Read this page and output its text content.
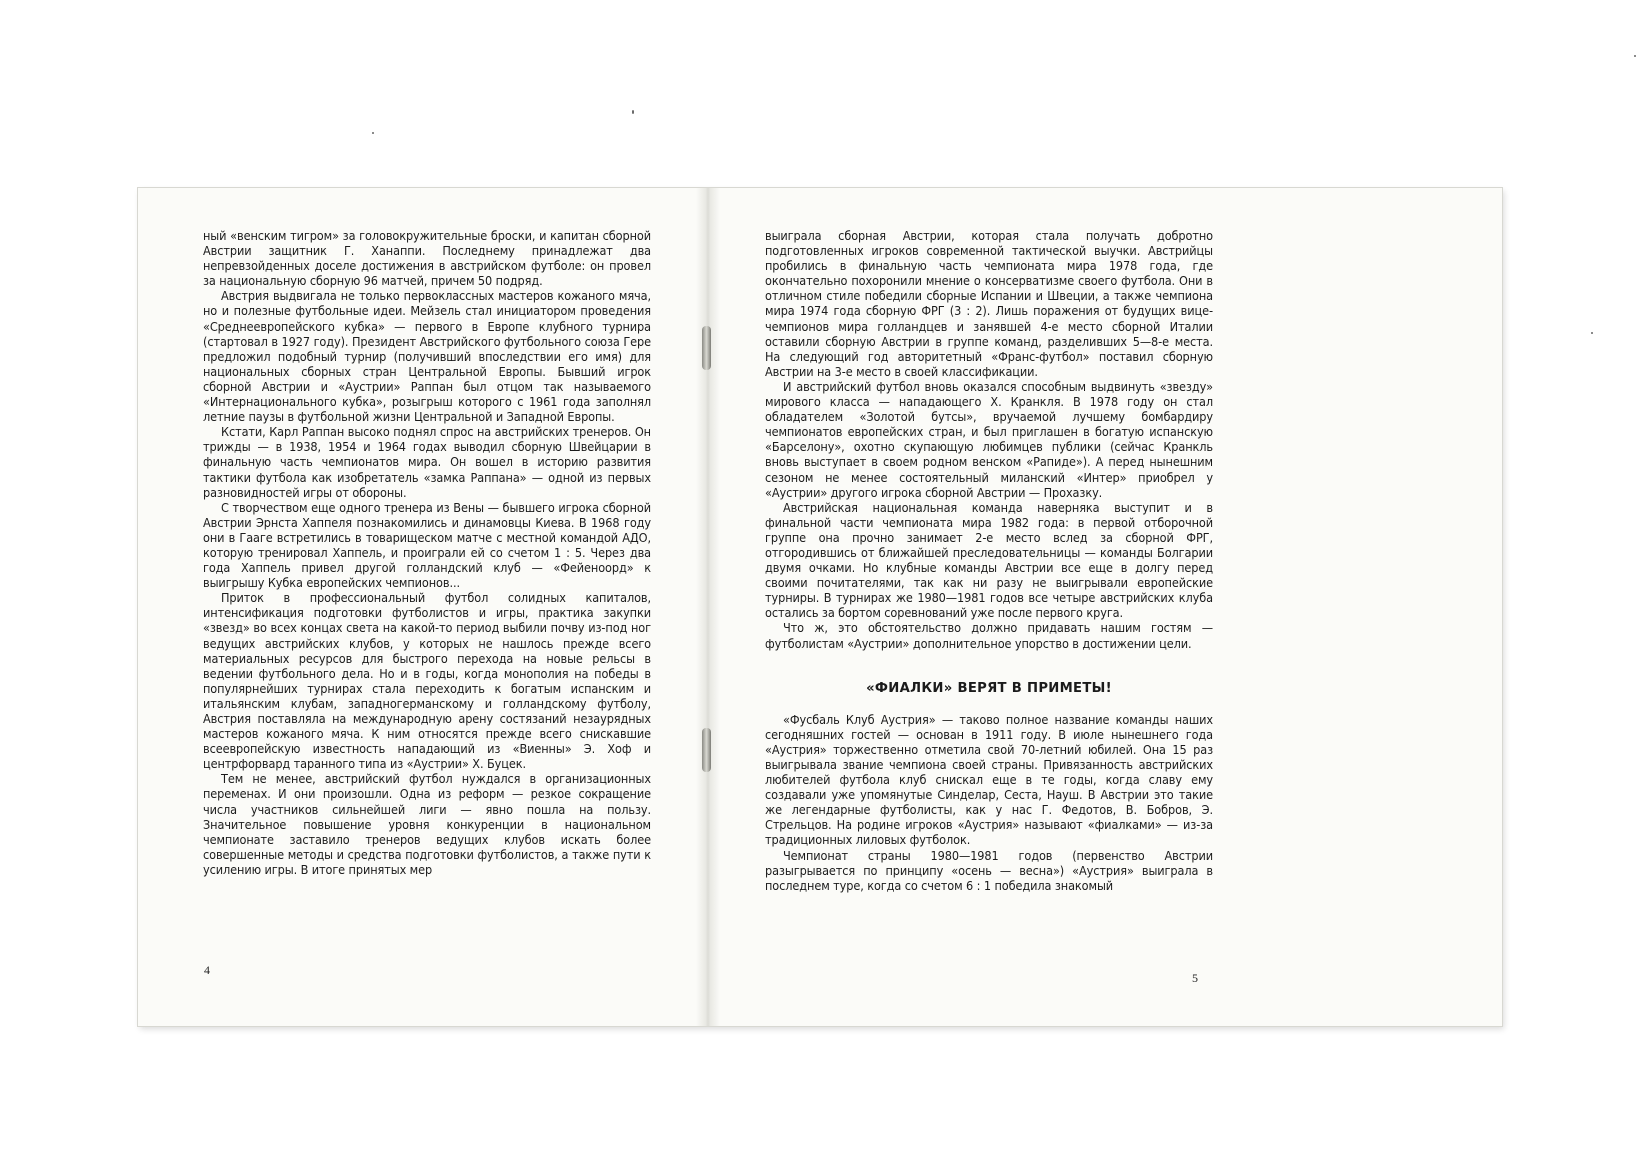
ный «венским тигром» за головокружительные броски, и капитан сборной Австрии защитник Г. Ханаппи. Последнему принадлежат два непревзойденных доселе достижения в австрийском футболе: он провел за национальную сборную 96 матчей, причем 50 подряд.

Австрия выдвигала не только первоклассных мастеров кожаного мяча, но и полезные футбольные идеи. Мейзель стал инициатором проведения «Среднеевропейского кубка» — первого в Европе клубного турнира (стартовал в 1927 году). Президент Австрийского футбольного союза Гере предложил подобный турнир (получивший впоследствии его имя) для национальных сборных стран Центральной Европы. Бывший игрок сборной Австрии и «Аустрии» Раппан был отцом так называемого «Интернационального кубка», розыгрыш которого с 1961 года заполнял летние паузы в футбольной жизни Центральной и Западной Европы.

Кстати, Карл Раппан высоко поднял спрос на австрийских тренеров. Он трижды — в 1938, 1954 и 1964 годах выводил сборную Швейцарии в финальную часть чемпионатов мира. Он вошел в историю развития тактики футбола как изобретатель «замка Раппана» — одной из первых разновидностей игры от обороны.

С творчеством еще одного тренера из Вены — бывшего игрока сборной Австрии Эрнста Хаппеля познакомились и динамовцы Киева. В 1968 году они в Гааге встретились в товарищеском матче с местной командой АДО, которую тренировал Хаппель, и проиграли ей со счетом 1 : 5. Через два года Хаппель привел другой голландский клуб — «Фейеноорд» к выигрышу Кубка европейских чемпионов...

Приток в профессиональный футбол солидных капиталов, интенсификация подготовки футболистов и игры, практика закупки «звезд» во всех концах света на какой-то период выбили почву из-под ног ведущих австрийских клубов, у которых не нашлось прежде всего материальных ресурсов для быстрого перехода на новые рельсы в ведении футбольного дела. Но и в годы, когда монополия на победы в популярнейших турнирах стала переходить к богатым испанским и итальянским клубам, западногерманскому и голландскому футболу, Австрия поставляла на международную арену состязаний незаурядных мастеров кожаного мяча. К ним относятся прежде всего снискавшие всеевропейскую известность нападающий из «Виенны» Э. Хоф и центрфорвард таранного типа из «Аустрии» Х. Буцек.

Тем не менее, австрийский футбол нуждался в организационных переменах. И они произошли. Одна из реформ — резкое сокращение числа участников сильнейшей лиги — явно пошла на пользу. Значительное повышение уровня конкуренции в национальном чемпионате заставило тренеров ведущих клубов искать более совершенные методы и средства подготовки футболистов, а также пути к усилению игры. В итоге принятых мер

4

выиграла сборная Австрии, которая стала получать добротно подготовленных игроков современной тактической выучки. Австрийцы пробились в финальную часть чемпионата мира 1978 года, где окончательно похоронили мнение о консерватизме своего футбола. Они в отличном стиле победили сборные Испании и Швеции, а также чемпиона мира 1974 года сборную ФРГ (3 : 2). Лишь поражения от будущих вице-чемпионов мира голландцев и занявшей 4-е место сборной Италии оставили сборную Австрии в группе команд, разделивших 5—8-е места. На следующий год авторитетный «Франс-футбол» поставил сборную Австрии на 3-е место в своей классификации.

И австрийский футбол вновь оказался способным выдвинуть «звезду» мирового класса — нападающего Х. Кранкля. В 1978 году он стал обладателем «Золотой бутсы», вручаемой лучшему бомбардиру чемпионатов европейских стран, и был приглашен в богатую испанскую «Барселону», охотно скупающую любимцев публики (сейчас Кранкль вновь выступает в своем родном венском «Рапиде»). А перед нынешним сезоном не менее состоятельный миланский «Интер» приобрел у «Аустрии» другого игрока сборной Австрии — Прохазку.

Австрийская национальная команда наверняка выступит и в финальной части чемпионата мира 1982 года: в первой отборочной группе она прочно занимает 2-е место вслед за сборной ФРГ, отгородившись от ближайшей преследовательницы — команды Болгарии двумя очками. Но клубные команды Австрии все еще в долгу перед своими почитателями, так как ни разу не выигрывали европейские турниры. В турнирах же 1980—1981 годов все четыре австрийских клуба остались за бортом соревнований уже после первого круга.

Что ж, это обстоятельство должно придавать нашим гостям — футболистам «Аустрии» дополнительное упорство в достижении цели.

«ФИАЛКИ» ВЕРЯТ В ПРИМЕТЫ!

«Фусбаль Клуб Аустрия» — таково полное название команды наших сегодняшних гостей — основан в 1911 году. В июле нынешнего года «Аустрия» торжественно отметила свой 70-летний юбилей. Она 15 раз выигрывала звание чемпиона своей страны. Привязанность австрийских любителей футбола клуб снискал еще в те годы, когда славу ему создавали уже упомянутые Синделар, Сеста, Науш. В Австрии это такие же легендарные футболисты, как у нас Г. Федотов, В. Бобров, Э. Стрельцов. На родине игроков «Аустрия» называют «фиалками» — из-за традиционных лиловых футболок.

Чемпионат страны 1980—1981 годов (первенство Австрии разыгрывается по принципу «осень — весна») «Аустрия» выиграла в последнем туре, когда со счетом 6 : 1 победила знакомый

5
